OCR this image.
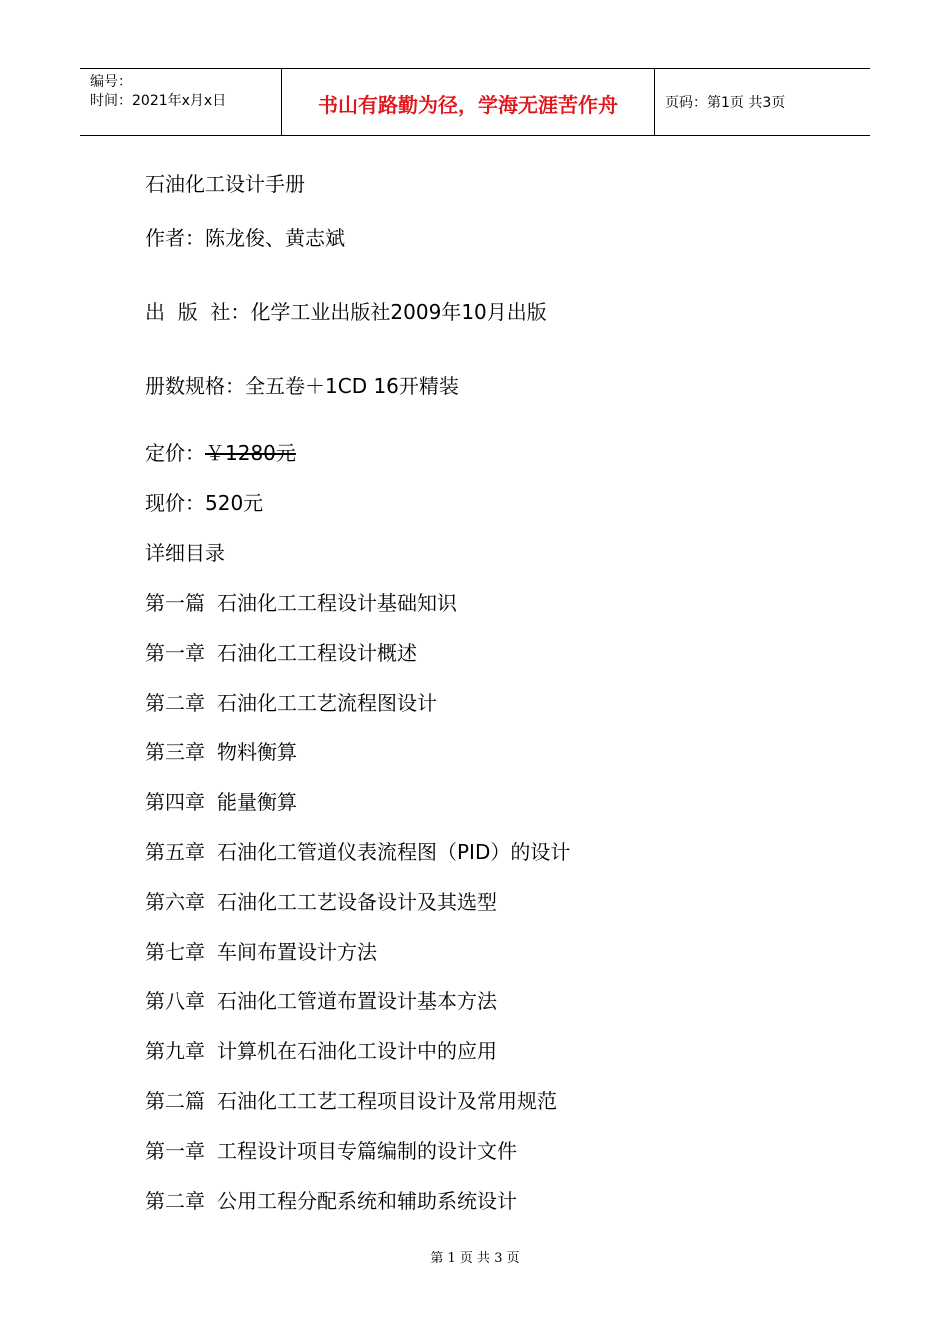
编号：
时间：2021年x月x日	书山有路勤为径，学海无涯苦作舟	页码：第1页 共3页
石油化工设计手册
作者：陈龙俊、黄志斌
出  版  社：化学工业出版社2009年10月出版
册数规格：全五卷＋1CD 16开精装
定价：￥1280元
现价：520元
详细目录
第一篇 石油化工工程设计基础知识
第一章 石油化工工程设计概述
第二章 石油化工工艺流程图设计
第三章 物料衡算
第四章 能量衡算
第五章 石油化工管道仪表流程图（PID）的设计
第六章 石油化工工艺设备设计及其选型
第七章 车间布置设计方法
第八章 石油化工管道布置设计基本方法
第九章 计算机在石油化工设计中的应用
第二篇 石油化工工艺工程项目设计及常用规范
第一章 工程设计项目专篇编制的设计文件
第二章 公用工程分配系统和辅助系统设计
第 1 页 共 3 页
